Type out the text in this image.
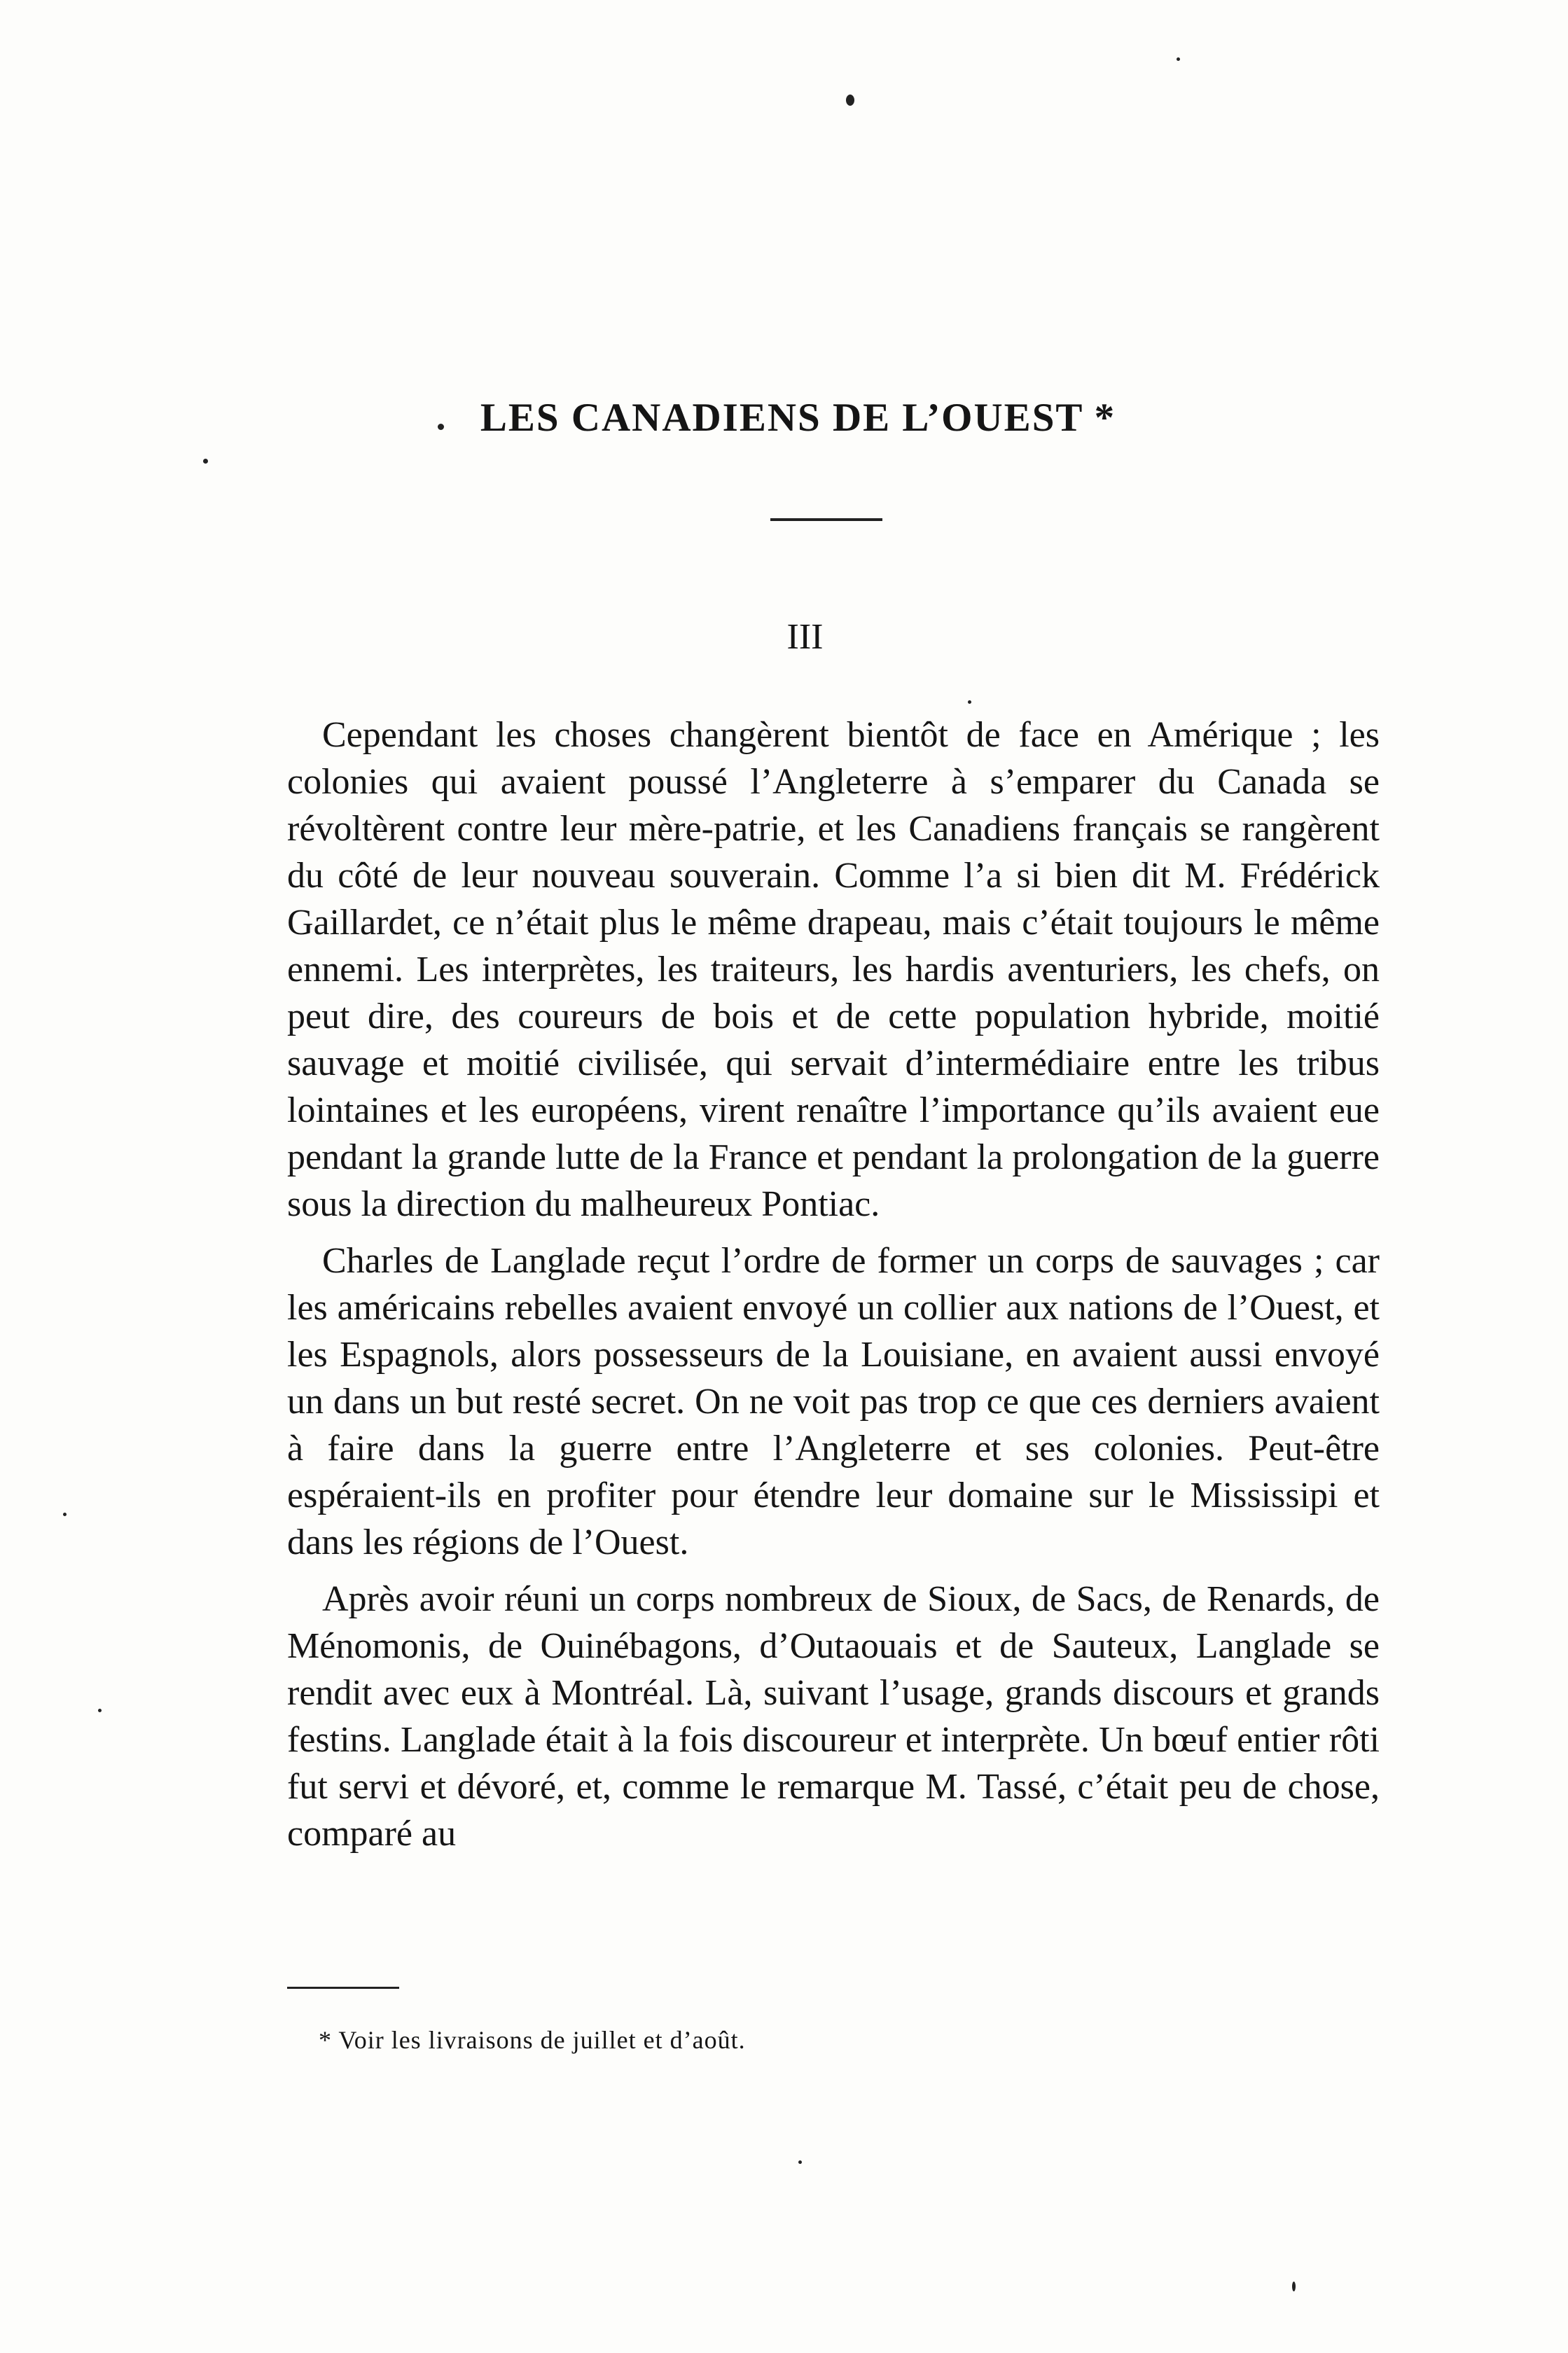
LES CANADIENS DE L’OUEST *
III

Cependant les choses changèrent bientôt de face en Amérique ; les colonies qui avaient poussé l’Angleterre à s’emparer du Canada se révoltèrent contre leur mère-patrie, et les Canadiens français se rangèrent du côté de leur nouveau souverain. Comme l’a si bien dit M. Frédérick Gaillardet, ce n’était plus le même drapeau, mais c’était toujours le même ennemi. Les interprètes, les traiteurs, les hardis aventuriers, les chefs, on peut dire, des coureurs de bois et de cette population hybride, moitié sauvage et moitié civilisée, qui servait d’intermédiaire entre les tribus lointaines et les européens, virent renaître l’importance qu’ils avaient eue pendant la grande lutte de la France et pendant la prolongation de la guerre sous la direction du malheureux Pontiac.

Charles de Langlade reçut l’ordre de former un corps de sauvages ; car les américains rebelles avaient envoyé un collier aux nations de l’Ouest, et les Espagnols, alors possesseurs de la Louisiane, en avaient aussi envoyé un dans un but resté secret. On ne voit pas trop ce que ces derniers avaient à faire dans la guerre entre l’Angleterre et ses colonies. Peut-être espéraient-ils en profiter pour étendre leur domaine sur le Mississipi et dans les régions de l’Ouest.

Après avoir réuni un corps nombreux de Sioux, de Sacs, de Renards, de Ménomonis, de Ouinébagons, d’Outaouais et de Sauteux, Langlade se rendit avec eux à Montréal. Là, suivant l’usage, grands discours et grands festins. Langlade était à la fois discoureur et interprète. Un bœuf entier rôti fut servi et dévoré, et, comme le remarque M. Tassé, c’était peu de chose, comparé au

* Voir les livraisons de juillet et d’août.
